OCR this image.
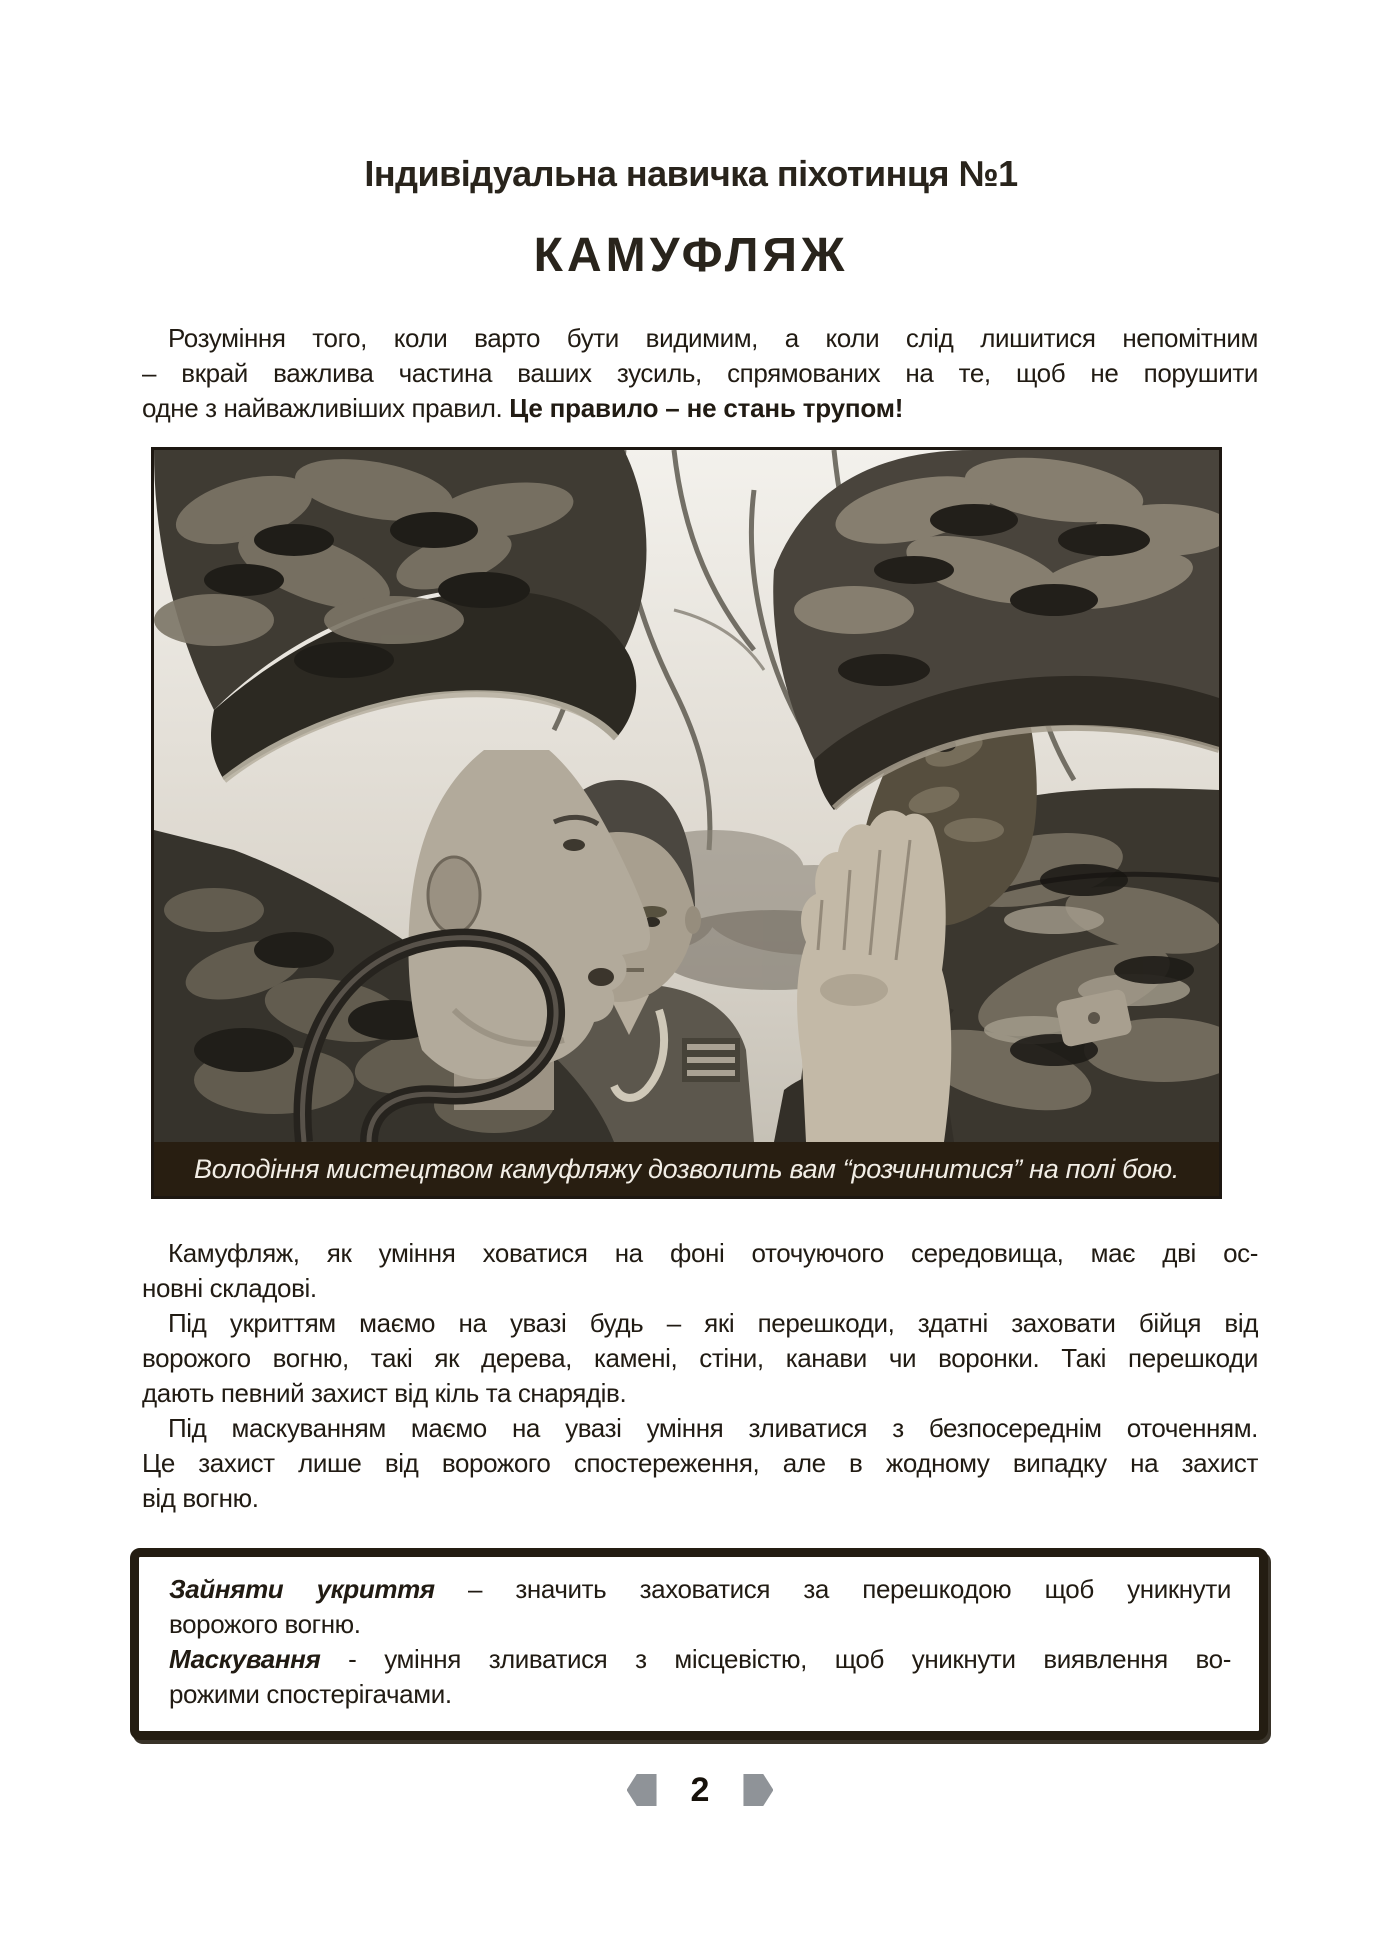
Індивідуальна навичка піхотинця №1
КАМУФЛЯЖ
Розуміння того, коли варто бути видимим, а коли слід лишитися непомітним
– вкрай важлива частина ваших зусиль, спрямованих на те, щоб не порушити
одне з найважливіших правил. Це правило – не стань трупом!
Володіння мистецтвом камуфляжу дозволить вам “розчинитися” на полі бою.
Камуфляж, як уміння ховатися на фоні оточуючого середовища, має дві ос-
новні складові.
Під укриттям маємо на увазі будь – які перешкоди, здатні заховати бійця від
ворожого вогню, такі як дерева, камені, стіни, канави чи воронки. Такі перешкоди
дають певний захист від кіль та снарядів.
Під маскуванням маємо на увазі уміння зливатися з безпосереднім оточенням.
Це захист лише від ворожого спостереження, але в жодному випадку на захист
від вогню.
Зайняти укриття – значить заховатися за перешкодою щоб уникнути
ворожого вогню.
Маскування - уміння зливатися з місцевістю, щоб уникнути виявлення во-
рожими спостерігачами.
2
